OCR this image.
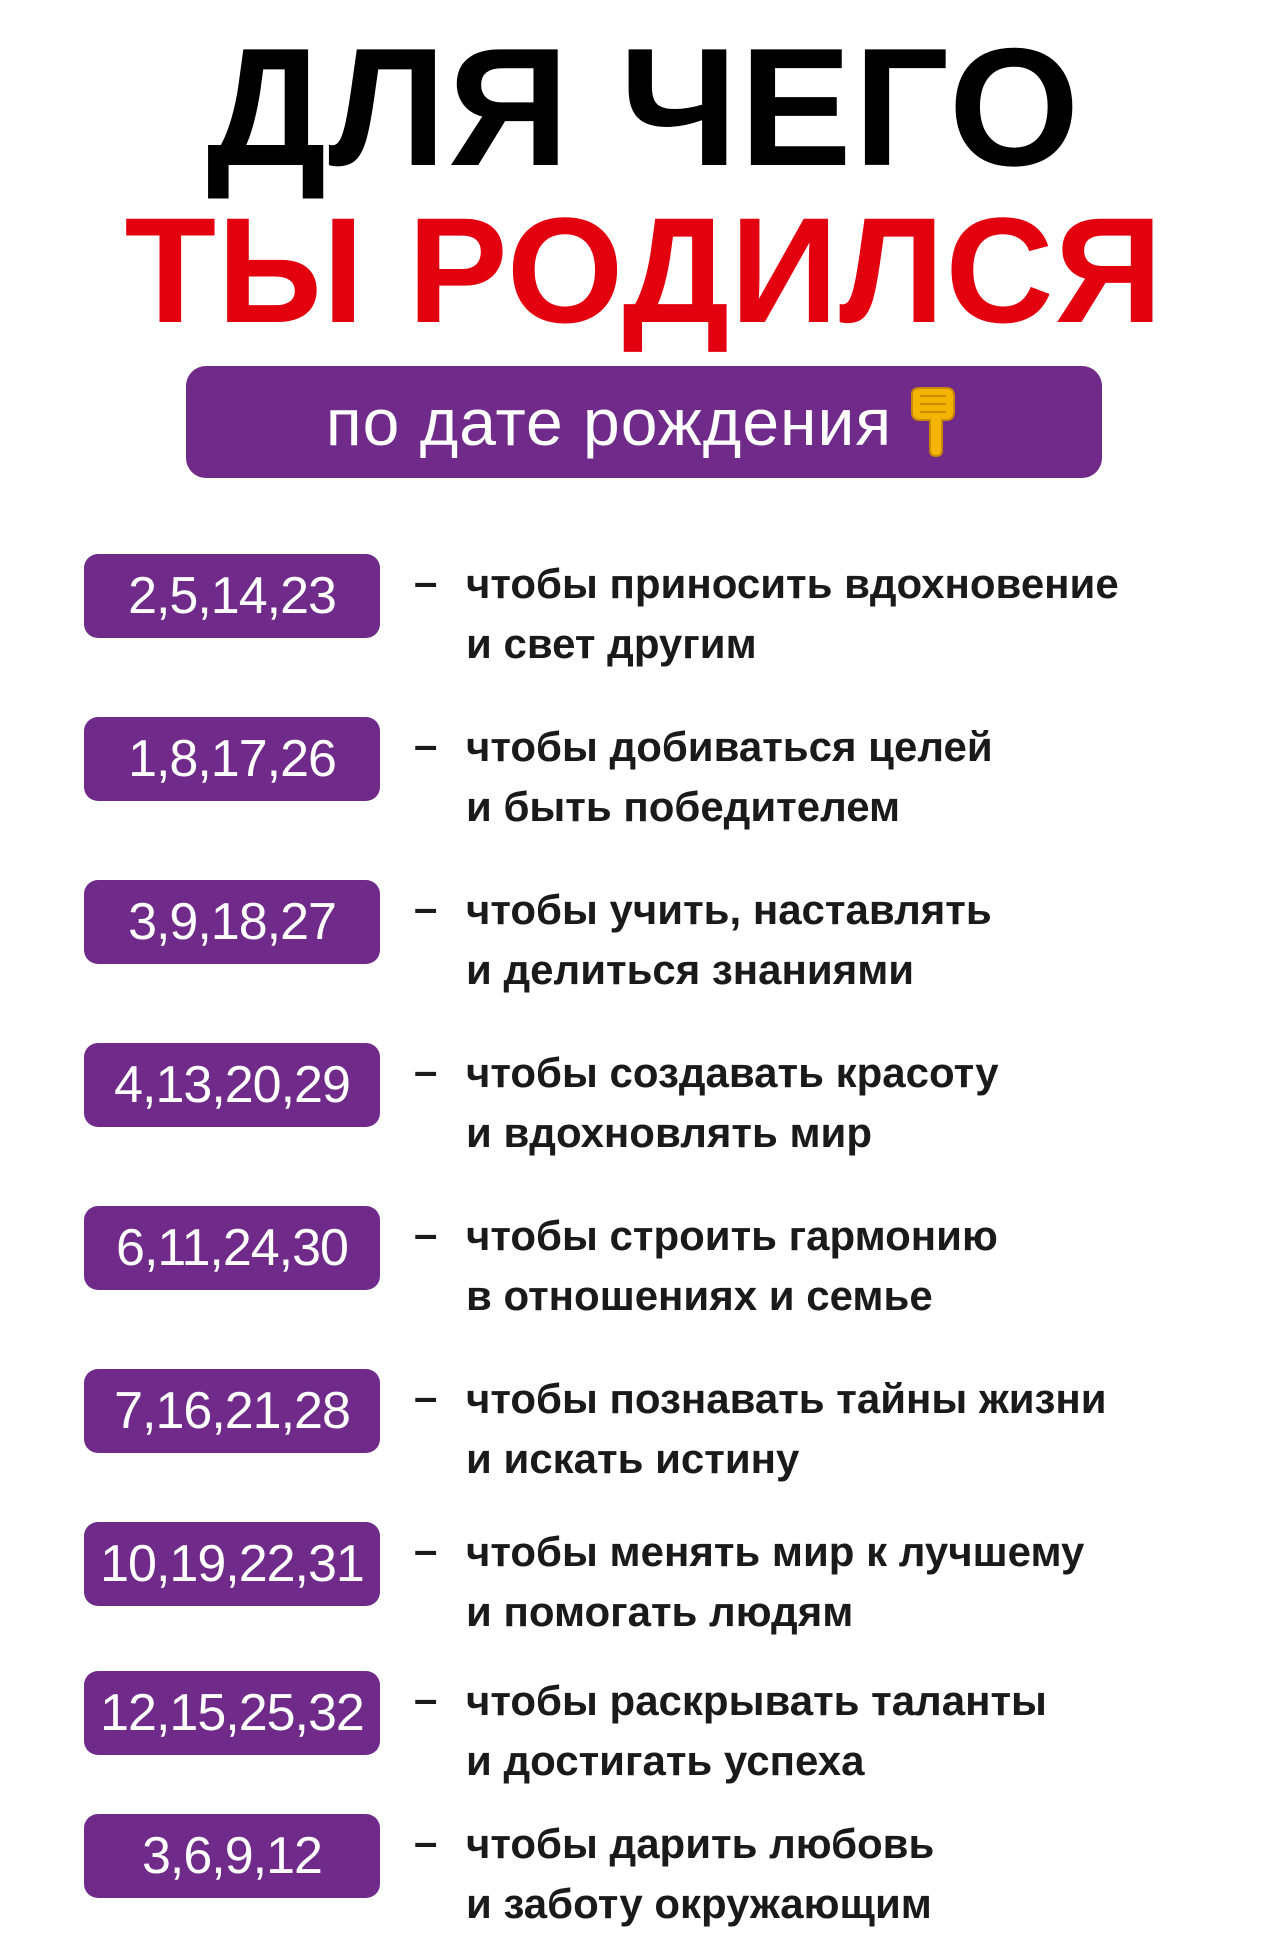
ДЛЯ ЧЕГО
ТЫ РОДИЛСЯ
по дате рождения
2,5,14,23	– чтобы приносить вдохновение
и свет другим
1,8,17,26	– чтобы добиваться целей
и быть победителем
3,9,18,27	– чтобы учить, наставлять
и делиться знаниями
4,13,20,29	– чтобы создавать красоту
и вдохновлять мир
6,11,24,30	– чтобы строить гармонию
в отношениях и семье
7,16,21,28	– чтобы познавать тайны жизни
и искать истину
10,19,22,31	– чтобы менять мир к лучшему
и помогать людям
12,15,25,32	– чтобы раскрывать таланты
и достигать успеха
3,6,9,12	– чтобы дарить любовь
и заботу окружающим
